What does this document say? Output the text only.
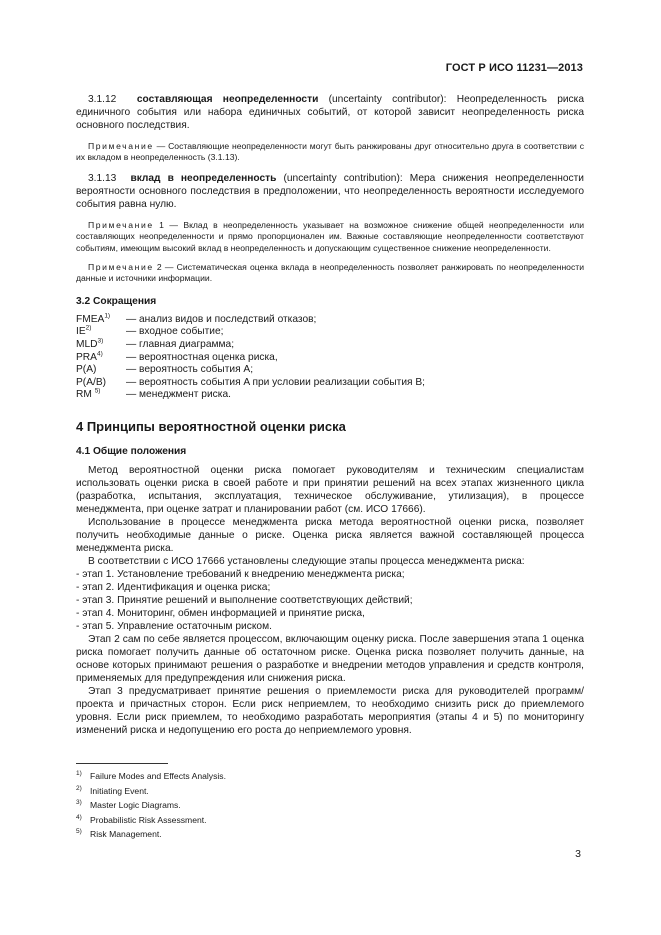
ГОСТ Р ИСО 11231—2013

3.1.12 составляющая неопределенности (uncertainty contributor): Неопределенность риска единичного события или набора единичных событий, от которой зависит неопределенность риска основного последствия.

Примечание — Составляющие неопределенности могут быть ранжированы друг относительно друга в соответствии с их вкладом в неопределенность (3.1.13).

3.1.13 вклад в неопределенность (uncertainty contribution): Мера снижения неопределенности вероятности основного последствия в предположении, что неопределенность вероятности исследуемого события равна нулю.

Примечание 1 — Вклад в неопределенность указывает на возможное снижение общей неопределенности или составляющих неопределенности и прямо пропорционален им. Важные составляющие неопределенности соответствуют событиям, имеющим высокий вклад в неопределенность и допускающим существенное снижение неопределенности.

Примечание 2 — Систематическая оценка вклада в неопределенность позволяет ранжировать по неопределенности данные и источники информации.

3.2 Сокращения
FMEA$^{1)}$	— анализ видов и последствий отказов;
IE$^{2)}$	— входное событие;
MLD$^{3)}$	— главная диаграмма;
PRA$^{4)}$	— вероятностная оценка риска,
P(A)	— вероятность события A;
P(A/B)	— вероятность события A при условии реализации события B;
RM $^{5)}$	— менеджмент риска.
4 Принципы вероятностной оценки риска
4.1 Общие положения

Метод вероятностной оценки риска помогает руководителям и техническим специалистам использовать оценки риска в своей работе и при принятии решений на всех этапах жизненного цикла (разработка, испытания, эксплуатация, техническое обслуживание, утилизация), в процессе менеджмента, при оценке затрат и планировании работ (см. ИСО 17666).

Использование в процессе менеджмента риска метода вероятностной оценки риска, позволяет получить необходимые данные о риске. Оценка риска является важной составляющей процесса менеджмента риска.

В соответствии с ИСО 17666 установлены следующие этапы процесса менеджмента риска:

- этап 1. Установление требований к внедрению менеджмента риска;

- этап 2. Идентификация и оценка риска;

- этап 3. Принятие решений и выполнение соответствующих действий;

- этап 4. Мониторинг, обмен информацией и принятие риска,

- этап 5. Управление остаточным риском.

Этап 2 сам по себе является процессом, включающим оценку риска. После завершения этапа 1 оценка риска помогает получить данные об остаточном риске. Оценка риска позволяет получить данные, на основе которых принимают решения о разработке и внедрении методов управления и средств контроля, применяемых для предупреждения или снижения риска.

Этап 3 предусматривает принятие решения о приемлемости риска для руководителей программ/проекта и причастных сторон. Если риск неприемлем, то необходимо снизить риск до приемлемого уровня. Если риск приемлем, то необходимо разработать мероприятия (этапы 4 и 5) по мониторингу изменений риска и недопущению его роста до неприемлемого уровня.

$^{1)}$ Failure Modes and Effects Analysis.
$^{2)}$ Initiating Event.
$^{3)}$ Master Logic Diagrams.
$^{4)}$ Probabilistic Risk Assessment.
$^{5)}$ Risk Management.
3
